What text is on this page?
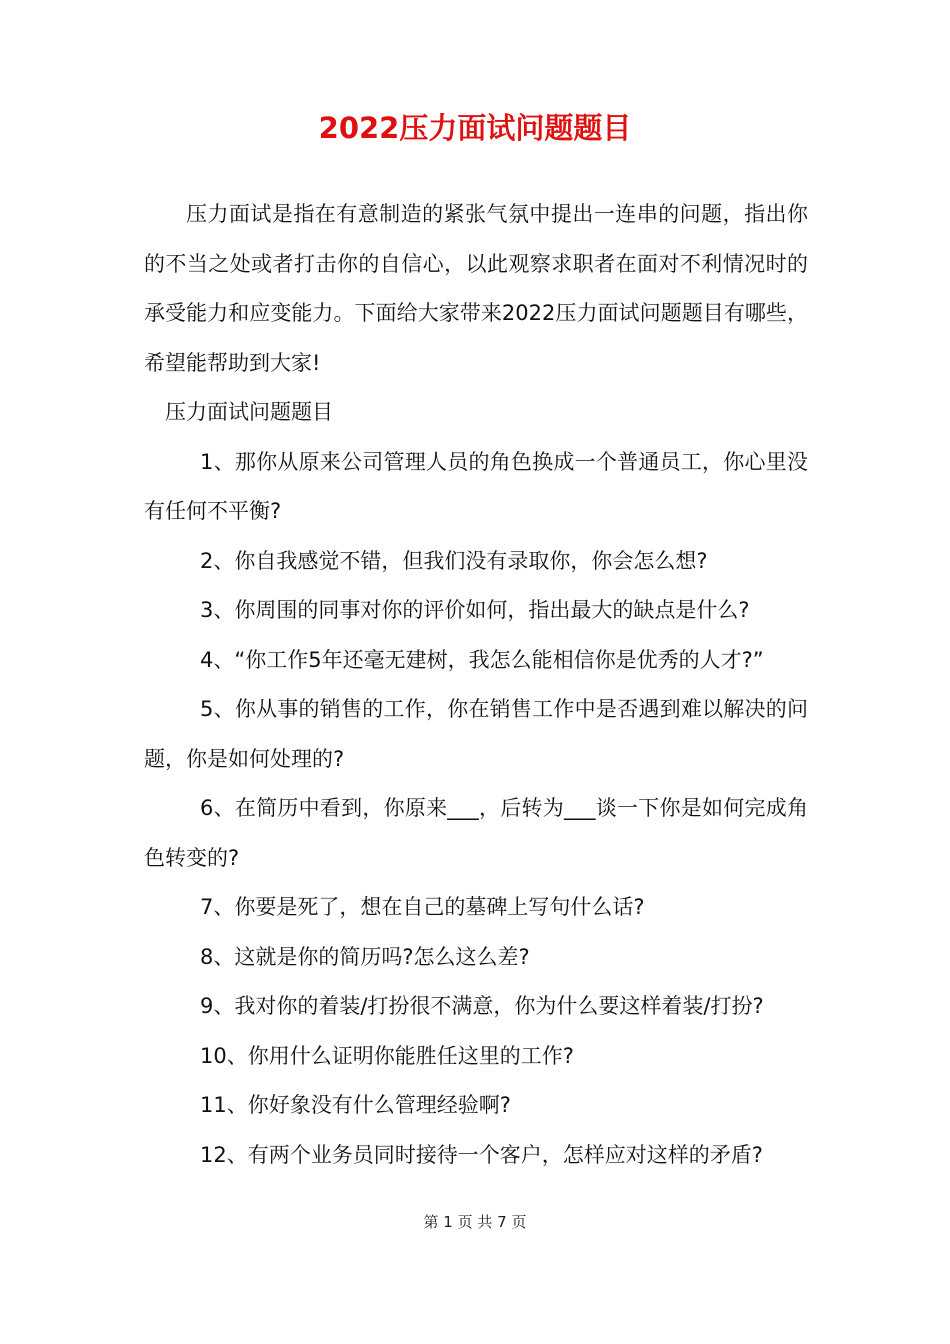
2022压力面试问题题目

压力面试是指在有意制造的紧张气氛中提出一连串的问题，指出你的不当之处或者打击你的自信心，以此观察求职者在面对不利情况时的承受能力和应变能力。下面给大家带来2022压力面试问题题目有哪些，希望能帮助到大家!

压力面试问题题目

1、那你从原来公司管理人员的角色换成一个普通员工，你心里没有任何不平衡?

2、你自我感觉不错，但我们没有录取你，你会怎么想?

3、你周围的同事对你的评价如何，指出最大的缺点是什么?

4、“你工作5年还毫无建树，我怎么能相信你是优秀的人才?”

5、你从事的销售的工作，你在销售工作中是否遇到难以解决的问题，你是如何处理的?

6、在简历中看到，你原来___，后转为___谈一下你是如何完成角色转变的?

7、你要是死了，想在自己的墓碑上写句什么话?

8、这就是你的简历吗?怎么这么差?

9、我对你的着装/打扮很不满意，你为什么要这样着装/打扮?

10、你用什么证明你能胜任这里的工作?

11、你好象没有什么管理经验啊?

12、有两个业务员同时接待一个客户，怎样应对这样的矛盾?

第 1 页 共 7 页
